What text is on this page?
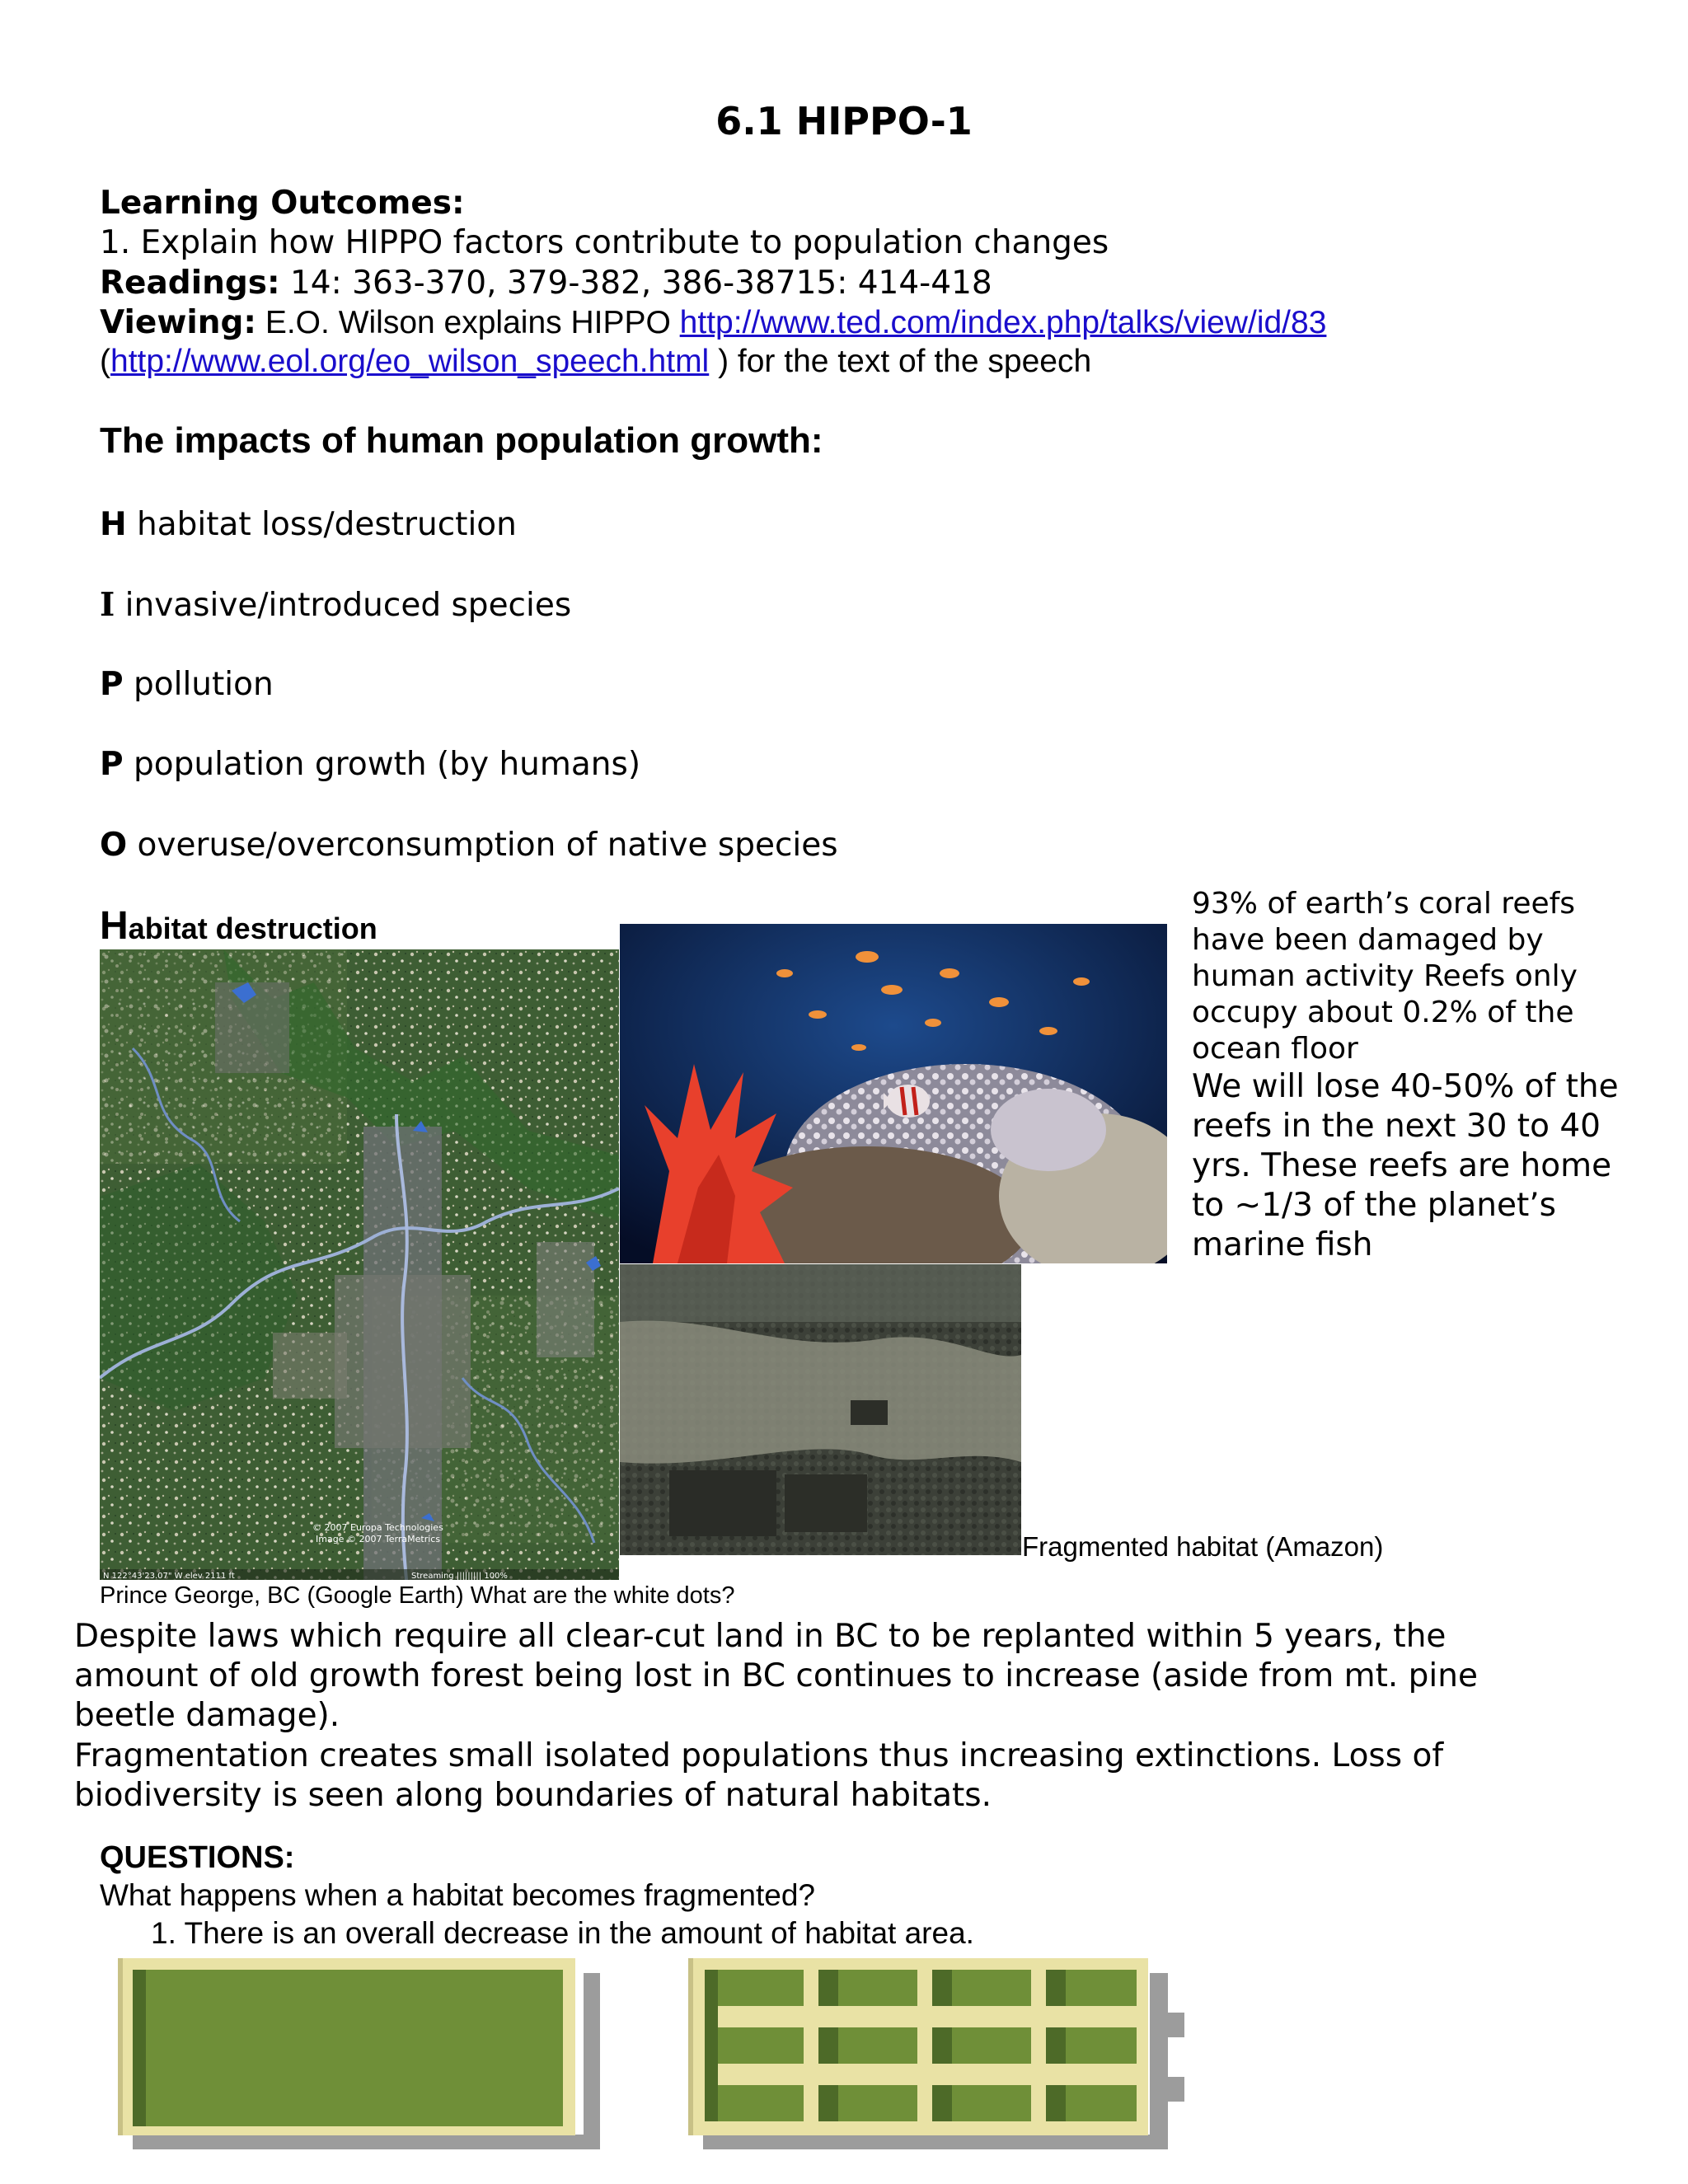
6.1 HIPPO-1
Learning Outcomes:
1. Explain how HIPPO factors contribute to population changes
Readings: 14: 363-370, 379-382, 386-38715: 414-418
Viewing: E.O. Wilson explains HIPPO http://www.ted.com/index.php/talks/view/id/83
(http://www.eol.org/eo_wilson_speech.html ) for the text of the speech
The impacts of human population growth:
H habitat loss/destruction
I invasive/introduced species
P pollution
P population growth (by humans)
O overuse/overconsumption of native species
Habitat destruction
© 2007 Europa Technologies
Image © 2007 TerraMetrics
N 122°43'23.07" W elev 2111 ft	Streaming ||||||||| 100%
93% of earth’s coral reefs have been damaged by human activity Reefs only occupy about 0.2% of the ocean floor
We will lose 40-50% of the reefs in the next 30 to 40 yrs. These reefs are home to ~1/3 of the planet’s marine fish
Fragmented habitat (Amazon)
Prince George, BC (Google Earth) What are the white dots?
Despite laws which require all clear-cut land in BC to be replanted within 5 years, the amount of old growth forest being lost in BC continues to increase (aside from mt. pine beetle damage).
Fragmentation creates small isolated populations thus increasing extinctions. Loss of biodiversity is seen along boundaries of natural habitats.
QUESTIONS:
What happens when a habitat becomes fragmented?
1. There is an overall decrease in the amount of habitat area.
